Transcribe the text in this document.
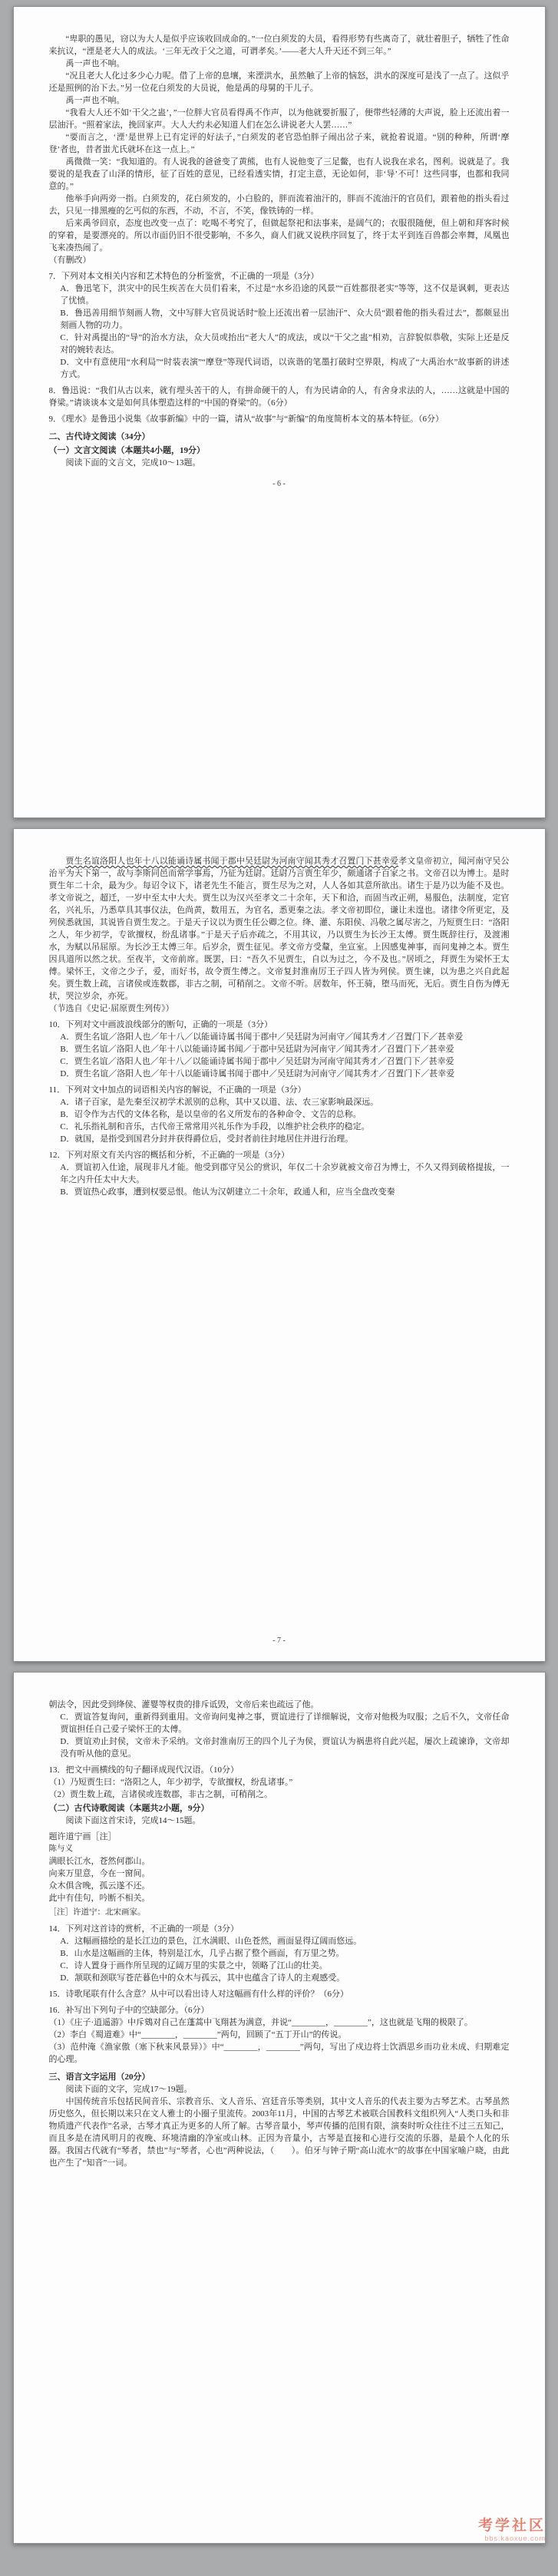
“卑职的愚见，窃以为大人是似乎应该收回成命的。”一位白须发的大员，看得形势有些离奇了，就壮着胆子，牺牲了性命来抗议，“湮是老大人的成法。‘三年无改于父之道，可谓孝矣。’——老大人升天还不到三年。”

禹一声也不响。

“况且老大人化过多少心力呢。借了上帝的息壤，来湮洪水，虽然触了上帝的恼怒，洪水的深度可是浅了一点了。这似乎还是照例的治下去。”另一位花白须发的大员说，他是禹的母舅的干儿子。

禹一声也不响。

“我看大人还不如‘干父之蛊’，”一位胖大官员看得禹不作声，以为他就要折服了，便带些轻薄的大声说，脸上还流出着一层油汗。“照着家法，挽回家声。大人大约未必知道人们在怎么讲说老大人罢……”

“要而言之，‘湮’是世界上已有定评的好法子，”白须发的老官恐怕胖子闹出岔子来，就抢着说道。“别的种种，所谓‘摩登’者也，昔者蚩尤氏就坏在这一点上。”

禹微微一笑：“我知道的。有人说我的爸爸变了黄熊，也有人说他变了三足鳖，也有人说我在求名，图利。说就是了。我要说的是我查了山泽的情形，征了百姓的意见，已经看透实情，打定主意，无论如何，非‘导’不可！这些同事，也都和我同意的。”

他举手向两旁一指。白须发的，花白须发的，小白脸的，胖而流着油汗的，胖而不流油汗的官员们，跟着他的指头看过去，只见一排黑瘦的乞丐似的东西，不动，不言，不笑，像铁铸的一样。

后来禹爷回京，态度也改变一点了：吃喝不考究了，但做起祭祀和法事来，是阔气的；衣服很随便，但上朝和拜客时候的穿着，是要漂亮的。所以市面仍旧不很受影响，不多久，商人们就又说秩序回复了，终于太平到连百兽都会率舞，凤凰也飞来凑热闹了。

（有删改）

7．下列对本文相关内容和艺术特色的分析鉴赏，不正确的一项是（3分）

A．鲁迅笔下，洪灾中的民生疾苦在大员们看来，不过是“水乡沿途的风景”“百姓都很老实”等等，这不仅是讽刺，更表达了忧愤。

B．鲁迅善用细节刻画人物，文中写胖大官员说话时“脸上还流出着一层油汗”、众大员“跟着他的指头看过去”，都颇显出刻画人物的功力。

C．针对禹提出的“导”的治水方法，众大员或抬出“老大人”的成法，或以“干父之蛊”相劝，言辞貌似恭敬，实际上还是反对的婉转表达。

D．文中有意使用“水利局”“时装表演”“摩登”等现代词语，以诙谐的笔墨打破时空界限，构成了“大禹治水”故事新的讲述方式。

8．鲁迅说：“我们从古以来，就有埋头苦干的人，有拼命硬干的人，有为民请命的人，有舍身求法的人，……这就是中国的脊梁。”请谈谈本文是如何具体塑造这样的“中国的脊梁”的。（6分）

9．《理水》是鲁迅小说集《故事新编》中的一篇，请从“故事”与“新编”的角度简析本文的基本特征。（6分）

二、古代诗文阅读（34分）

（一）文言文阅读（本题共4小题，19分）

阅读下面的文言文，完成10～13题。

- 6 -

贾生名谊洛阳人也年十八以能诵诗属书闻于郡中吴廷尉为河南守闻其秀才召置门下甚幸爱孝文皇帝初立，闻河南守吴公治平为天下第一，故与李斯同邑而常学事焉，乃征为廷尉。廷尉乃言贾生年少，颇通诸子百家之书。文帝召以为博士。是时贾生年二十余，最为少。每诏令议下，诸老先生不能言，贾生尽为之对，人人各如其意所欲出。诸生于是乃以为能不及也。孝文帝说之，超迁，一岁中至太中大夫。贾生以为汉兴至孝文二十余年，天下和洽，而固当改正朔，易服色，法制度，定官名，兴礼乐，乃悉草具其事仪法，色尚黄，数用五，为官名，悉更秦之法。孝文帝初即位，谦让未遑也。诸律令所更定，及列侯悉就国，其说皆自贾生发之。于是天子议以为贾生任公卿之位。绛、灌、东阳侯、冯敬之属尽害之，乃短贾生曰：“洛阳之人，年少初学，专欲擅权，纷乱诸事。”于是天子后亦疏之，不用其议，乃以贾生为长沙王太傅。贾生既辞往行，及渡湘水，为赋以吊屈原。为长沙王太傅三年。后岁余，贾生征见。孝文帝方受釐，坐宣室。上因感鬼神事，而问鬼神之本。贾生因具道所以然之状。至夜半，文帝前席。既罢，曰：“吾久不见贾生，自以为过之，今不及也。”居顷之，拜贾生为梁怀王太傅。梁怀王，文帝之少子，爱，而好书，故令贾生傅之。文帝复封淮南厉王子四人皆为列侯。贾生谏，以为患之兴自此起矣。贾生数上疏，言诸侯或连数郡，非古之制，可稍削之。文帝不听。居数年，怀王骑，堕马而死，无后。贾生自伤为傅无状，哭泣岁余，亦死。

（节选自《史记·屈原贾生列传》）

10．下列对文中画波浪线部分的断句，正确的一项是（3分）

A．贾生名谊／洛阳人也／年十八／以能诵诗属书闻于郡中／吴廷尉为河南守／闻其秀才／召置门下／甚幸爱

B．贾生名谊／洛阳人也／年十八以能诵诗属书闻／于郡中吴廷尉为河南守／闻其秀才／召置门下／甚幸爱

C．贾生名谊／洛阳人也／年十八／以能诵诗属书闻于郡中／吴廷尉为河南守闻其秀才／召置门下／甚幸爱

D．贾生名谊／洛阳人也／年十八以能诵诗属书闻于郡中／吴廷尉为河南守／闻其秀才／召置门下／甚幸爱

11．下列对文中加点的词语相关内容的解说，不正确的一项是（3分）

A．诸子百家，是先秦至汉初学术派别的总称，其中又以道、法、农三家影响最深远。

B．诏令作为古代的文体名称，是以皇帝的名义所发布的各种命令、文告的总称。

C．礼乐指礼制和音乐，古代帝王常常用兴礼乐作为手段，以维护社会秩序的稳定。

D．就国，是指受到国君分封并获得爵位后，受封者前往封地居住并进行治理。

12．下列对原文有关内容的概括和分析，不正确的一项是（3分）

A．贾谊初入仕途，展现非凡才能。他受到郡守吴公的赏识，年仅二十余岁就被文帝召为博士，不久又得到破格提拔，一年之内升任太中大夫。

B．贾谊热心政事，遭到权要忌恨。他认为汉朝建立二十余年，政通人和，应当全盘改变秦

- 7 -

朝法令，因此受到绛侯、灌婴等权贵的排斥诋毁，文帝后来也疏远了他。

C．贾谊答复询问，重新得到重用。文帝询问鬼神之事，贾谊进行了详细解说，文帝对他极为叹服；之后不久，文帝任命贾谊担任自己爱子梁怀王的太傅。

D．贾谊劝止封侯，文帝未予采纳。文帝封淮南厉王的四个儿子为侯，贾谊认为祸患将自此兴起，屡次上疏谏诤，文帝却没有听从他的意见。

13．把文中画横线的句子翻译成现代汉语。（10分）

（1）乃短贾生曰：“洛阳之人，年少初学，专欲擅权，纷乱诸事。”

（2）贾生数上疏，言诸侯或连数郡，非古之制，可稍削之。

（二）古代诗歌阅读（本题共2小题，9分）

阅读下面这首宋诗，完成14～15题。

题许道宁画［注］

陈与义

满眼长江水，苍然何郡山。

向来万里意，今在一窗间。

众木俱含晚，孤云遂不还。

此中有佳句，吟断不相关。

［注］许道宁：北宋画家。

14．下列对这首诗的赏析，不正确的一项是（3分）

A．这幅画描绘的是长江边的景色，江水满眼、山色苍然，画面显得辽阔而悠远。

B．山水是这幅画的主体，特别是江水，几乎占据了整个画面，有万里之势。

C．诗人置身于画作所呈现的辽阔万里的实景之中，领略了江山的壮美。

D．颔联和颈联写苍茫暮色中的众木与孤云，其中也蕴含了诗人的主观感受。

15．诗歌尾联有什么含意？从中可以看出诗人对这幅画有什么样的评价？（6分）

16．补写出下列句子中的空缺部分。（6分）

（1）《庄子·逍遥游》中斥鴳对自己在蓬蒿中飞翔甚为满意，并说“________，________”，这也就是飞翔的极限了。

（2）李白《蜀道难》中“________，________”两句，回顾了“五丁开山”的传说。

（3）范仲淹《渔家傲（塞下秋来风景异）》中“________，________”两句，写出了戍边将士饮酒思乡而功业未成、归期难定的心理。

三、语言文字运用（20分）

阅读下面的文字，完成17～19题。

中国传统音乐包括民间音乐、宗教音乐、文人音乐、宫廷音乐等类别，其中文人音乐的代表主要为古琴艺术。古琴虽然历史悠久，但长期以来只在文人雅士的小圈子里流传。2003年11月，中国的古琴艺术被联合国教科文组织列入“人类口头和非物质遗产代表作”名录，古琴才真正为更多的人所了解。古琴音量小，琴声传播的范围有限，演奏时听众往往不过三五知己，而且多是在清风明月的夜晚、环境清幽的净室或山林。正因为音量小，古琴是直接和心进行交流的乐器，是最个人化的乐器。我国古代就有“琴者，禁也”与“琴者，心也”两种说法，（　　）。伯牙与钟子期“高山流水”的故事在中国家喻户晓，由此也产生了“知音”一词。

考学社区
bbs.kaoxue.com
